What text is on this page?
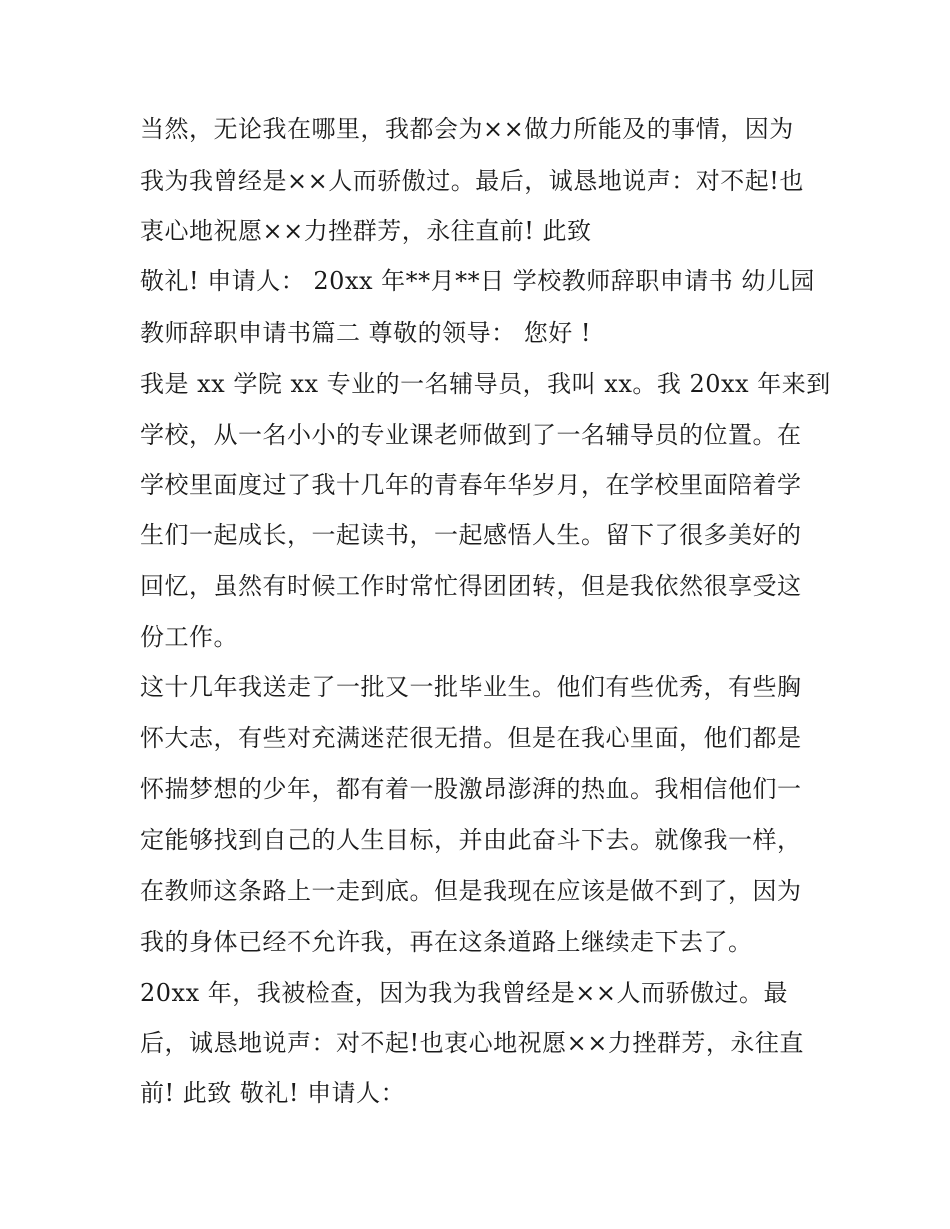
当然，无论我在哪里，我都会为××做力所能及的事情，因为
我为我曾经是××人而骄傲过。最后，诚恳地说声：对不起!也
衷心地祝愿××力挫群芳，永往直前! 此致
敬礼! 申请人： 20xx 年**月**日 学校教师辞职申请书 幼儿园
教师辞职申请书篇二 尊敬的领导： 您好 !
我是 xx 学院 xx 专业的一名辅导员，我叫 xx。我 20xx 年来到
学校，从一名小小的专业课老师做到了一名辅导员的位置。在
学校里面度过了我十几年的青春年华岁月，在学校里面陪着学
生们一起成长，一起读书，一起感悟人生。留下了很多美好的
回忆，虽然有时候工作时常忙得团团转，但是我依然很享受这
份工作。
这十几年我送走了一批又一批毕业生。他们有些优秀，有些胸
怀大志，有些对充满迷茫很无措。但是在我心里面，他们都是
怀揣梦想的少年，都有着一股激昂澎湃的热血。我相信他们一
定能够找到自己的人生目标，并由此奋斗下去。就像我一样，
在教师这条路上一走到底。但是我现在应该是做不到了，因为
我的身体已经不允许我，再在这条道路上继续走下去了。
20xx 年，我被检查，因为我为我曾经是××人而骄傲过。最
后，诚恳地说声：对不起!也衷心地祝愿××力挫群芳，永往直
前! 此致 敬礼! 申请人：
